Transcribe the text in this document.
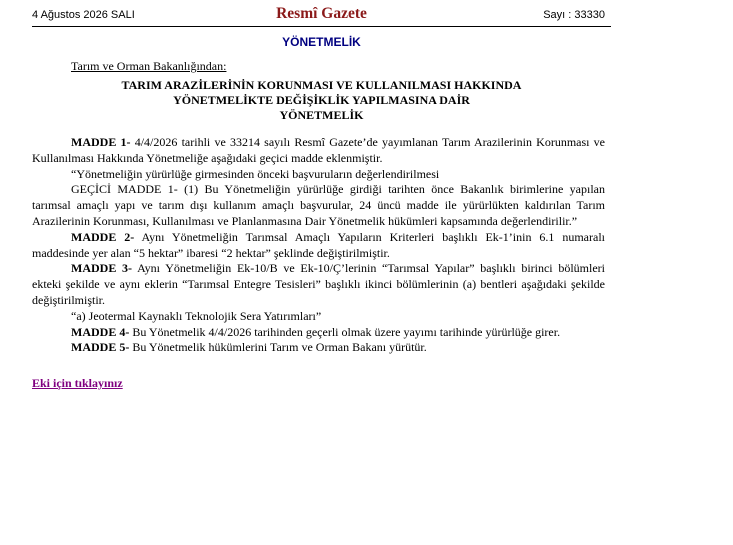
4 Ağustos 2026 SALI	Resmî Gazete	Sayı : 33330
YÖNETMELİK
Tarım ve Orman Bakanlığından:
TARIM ARAZİLERİNİN KORUNMASI VE KULLANILMASI HAKKINDA
YÖNETMELİKTE DEĞİŞİKLİK YAPILMASINA DAİR
YÖNETMELİK

MADDE 1- 4/4/2026 tarihli ve 33214 sayılı Resmî Gazete’de yayımlanan Tarım Arazilerinin Korunması ve Kullanılması Hakkında Yönetmeliğe aşağıdaki geçici madde eklenmiştir.

“Yönetmeliğin yürürlüğe girmesinden önceki başvuruların değerlendirilmesi

GEÇİCİ MADDE 1- (1) Bu Yönetmeliğin yürürlüğe girdiği tarihten önce Bakanlık birimlerine yapılan tarımsal amaçlı yapı ve tarım dışı kullanım amaçlı başvurular, 24 üncü madde ile yürürlükten kaldırılan Tarım Arazilerinin Korunması, Kullanılması ve Planlanmasına Dair Yönetmelik hükümleri kapsamında değerlendirilir.”

MADDE 2- Aynı Yönetmeliğin Tarımsal Amaçlı Yapıların Kriterleri başlıklı Ek-1’inin 6.1 numaralı maddesinde yer alan “5 hektar” ibaresi “2 hektar” şeklinde değiştirilmiştir.

MADDE 3- Aynı Yönetmeliğin Ek-10/B ve Ek-10/Ç’lerinin “Tarımsal Yapılar” başlıklı birinci bölümleri ekteki şekilde ve aynı eklerin “Tarımsal Entegre Tesisleri” başlıklı ikinci bölümlerinin (a) bentleri aşağıdaki şekilde değiştirilmiştir.

“a) Jeotermal Kaynaklı Teknolojik Sera Yatırımları”

MADDE 4- Bu Yönetmelik 4/4/2026 tarihinden geçerli olmak üzere yayımı tarihinde yürürlüğe girer.

MADDE 5- Bu Yönetmelik hükümlerini Tarım ve Orman Bakanı yürütür.

Eki için tıklayınız
